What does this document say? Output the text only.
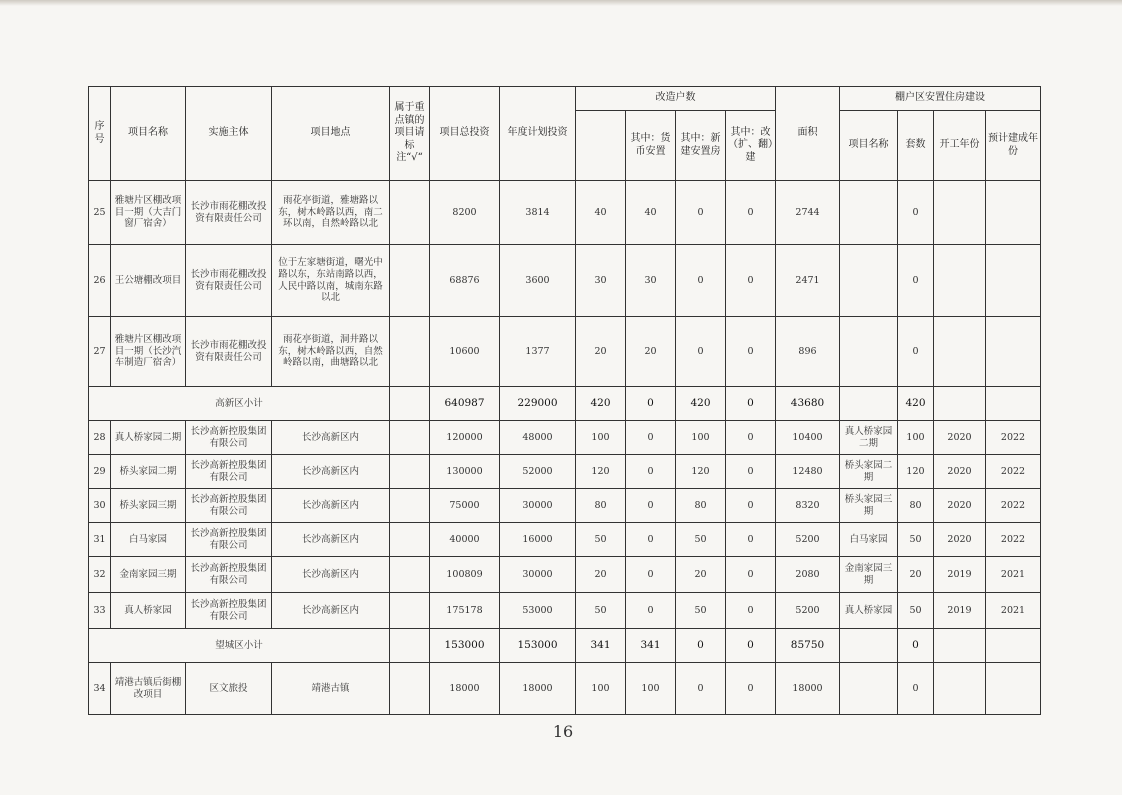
序号	项目名称	实施主体	项目地点	属于重点镇的项目请标注“√“	项目总投资	年度计划投资	改造户数				面积	棚户区安置住房建设			
								其中：货币安置	其中：新建安置房	其中：改（扩、翻）建		项目名称	套数	开工年份	预计建成年份
25	雅塘片区棚改项目一期（大吉门窗厂宿舍）	长沙市雨花棚改投资有限责任公司	雨花亭街道，雅塘路以东，树木岭路以西，南二环以南，自然岭路以北		8200	3814	40	40	0	0	2744		0		
26	王公塘棚改项目	长沙市雨花棚改投资有限责任公司	位于左家塘街道，曙光中路以东，东站南路以西，人民中路以南，城南东路以北		68876	3600	30	30	0	0	2471		0		
27	雅塘片区棚改项目一期（长沙汽车制造厂宿舍）	长沙市雨花棚改投资有限责任公司	雨花亭街道，洞井路以东，树木岭路以西，自然岭路以南，曲塘路以北		10600	1377	20	20	0	0	896		0		
高新区小计					640987	229000	420	0	420	0	43680		420		
28	真人桥家园二期	长沙高新控股集团有限公司	长沙高新区内		120000	48000	100	0	100	0	10400	真人桥家园二期	100	2020	2022
29	桥头家园二期	长沙高新控股集团有限公司	长沙高新区内		130000	52000	120	0	120	0	12480	桥头家园二期	120	2020	2022
30	桥头家园三期	长沙高新控股集团有限公司	长沙高新区内		75000	30000	80	0	80	0	8320	桥头家园三期	80	2020	2022
31	白马家园	长沙高新控股集团有限公司	长沙高新区内		40000	16000	50	0	50	0	5200	白马家园	50	2020	2022
32	金南家园三期	长沙高新控股集团有限公司	长沙高新区内		100809	30000	20	0	20	0	2080	金南家园三期	20	2019	2021
33	真人桥家园	长沙高新控股集团有限公司	长沙高新区内		175178	53000	50	0	50	0	5200	真人桥家园	50	2019	2021
望城区小计					153000	153000	341	341	0	0	85750		0		
34	靖港古镇后街棚改项目	区文旅投	靖港古镇		18000	18000	100	100	0	0	18000		0		
16
